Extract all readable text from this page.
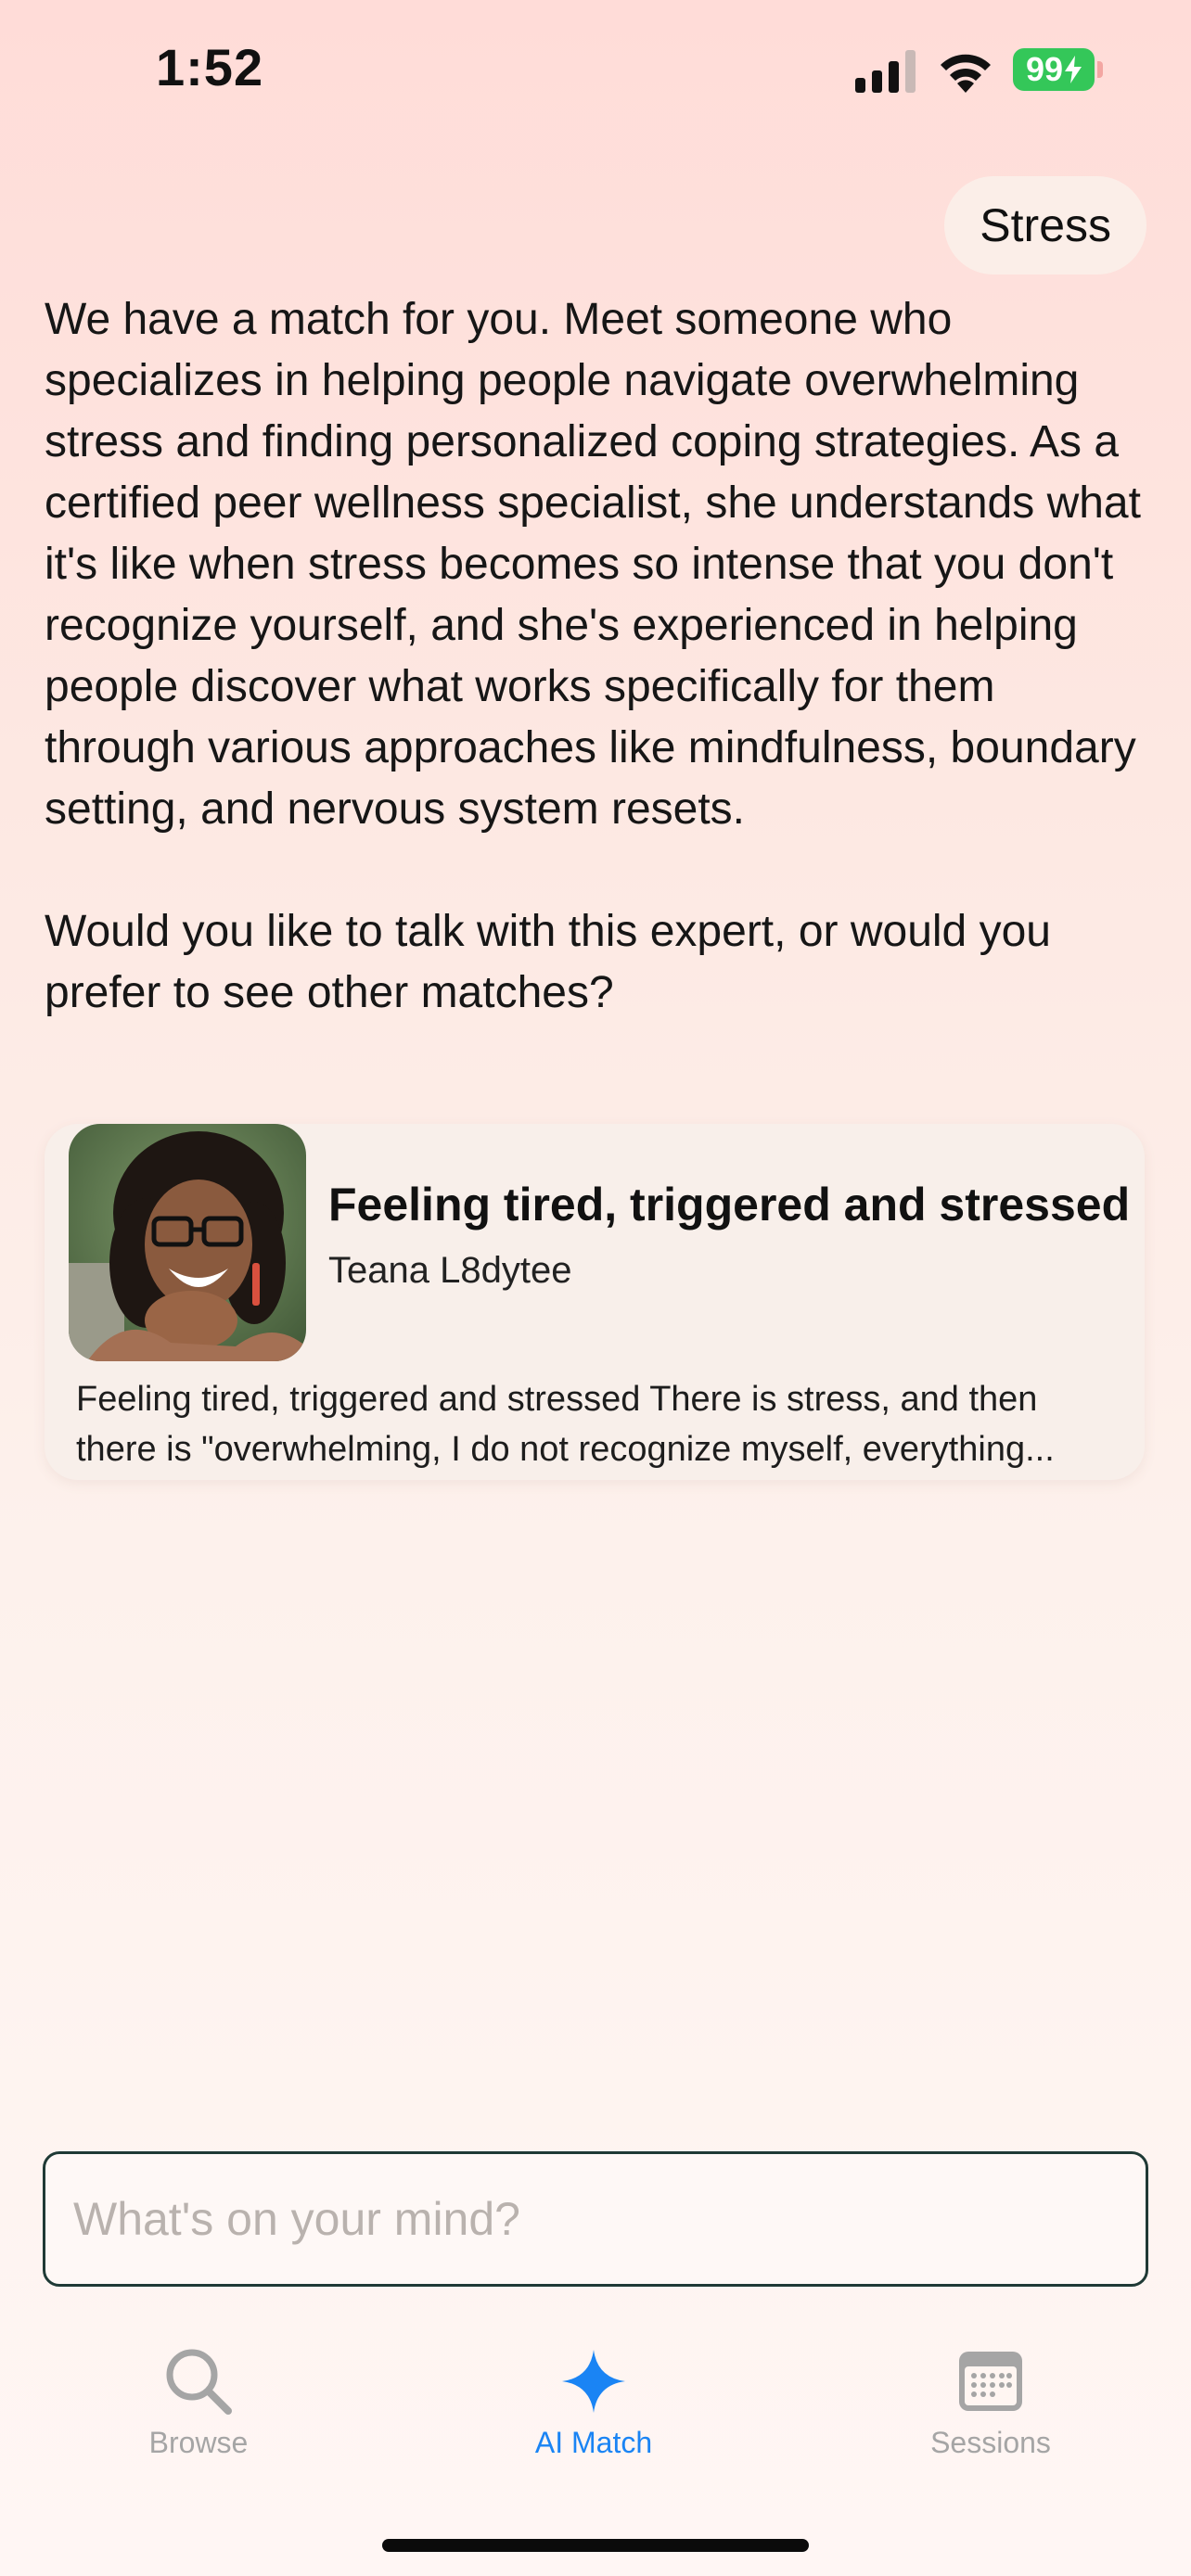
1:52	99
Stress

We have a match for you. Meet someone who specializes in helping people navigate overwhelming stress and finding personalized coping strategies. As a certified peer wellness specialist, she understands what it's like when stress becomes so intense that you don't recognize yourself, and she's experienced in helping people discover what works specifically for them through various approaches like mindfulness, boundary setting, and nervous system resets.

Would you like to talk with this expert, or would you prefer to see other matches?

Feeling tired, triggered and stressed
Teana L8dytee
Feeling tired, triggered and stressed There is stress, and then there is "overwhelming, I do not recognize myself, everything...
What's on your mind?
Browse	AI Match	Sessions
